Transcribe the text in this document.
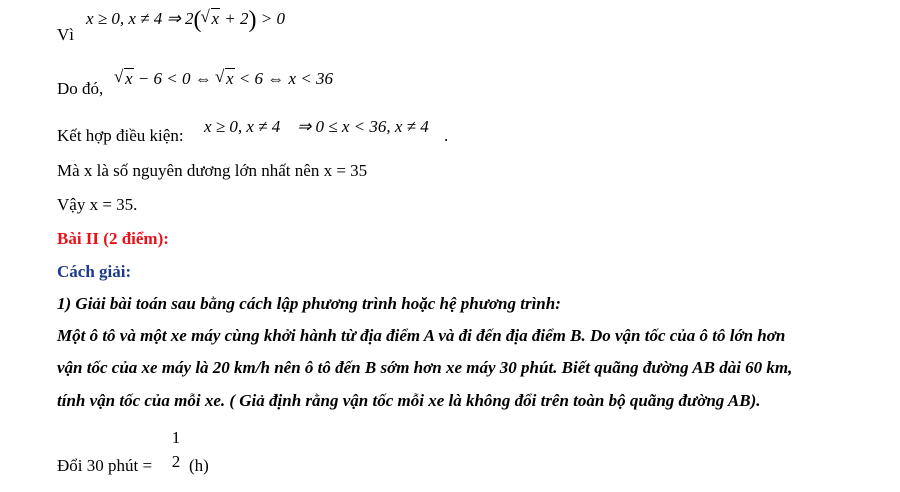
Vì
x ≥ 0, x ≠ 4 ⇒ 2(√ x + 2) > 0
Do đó,
√ x − 6 < 0 ⇔ √ x < 6 ⇔ x < 36
Kết hợp điều kiện: x ≥ 0, x ≠ 4 ⇒ 0 ≤ x < 36, x ≠ 4 .
Mà x là số nguyên dương lớn nhất nên x = 35
Vậy x = 35.
Bài II (2 điểm):
Cách giải:
1) Giải bài toán sau bằng cách lập phương trình hoặc hệ phương trình:
Một ô tô và một xe máy cùng khởi hành từ địa điểm A và đi đến địa điểm B. Do vận tốc của ô tô lớn hơn
vận tốc của xe máy là 20 km/h nên ô tô đến B sớm hơn xe máy 30 phút. Biết quãng đường AB dài 60 km,
tính vận tốc của mỗi xe. ( Giả định rằng vận tốc mỗi xe là không đổi trên toàn bộ quãng đường AB).
Đổi 30 phút =
1
2 (h)
